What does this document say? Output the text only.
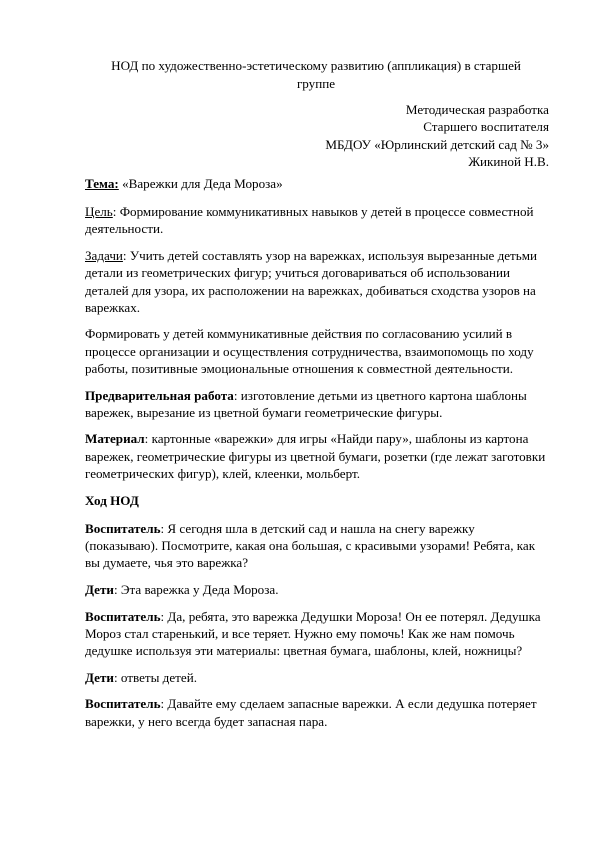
НОД по художественно-эстетическому развитию (аппликация) в старшей группе
Методическая разработка
Старшего воспитателя
МБДОУ «Юрлинский детский сад № 3»
Жикиной Н.В.

Тема: «Варежки для Деда Мороза»

Цель: Формирование коммуникативных навыков у детей в процессе совместной деятельности.

Задачи: Учить детей составлять узор на варежках, используя вырезанные детьми детали из геометрических фигур; учиться договариваться об использовании деталей для узора, их расположении на варежках, добиваться сходства узоров на варежках.

Формировать у детей коммуникативные действия по согласованию усилий в процессе организации и осуществления сотрудничества, взаимопомощь по ходу работы, позитивные эмоциональные отношения к совместной деятельности.

Предварительная работа: изготовление детьми из цветного картона шаблоны варежек, вырезание из цветной бумаги геометрические фигуры.

Материал: картонные «варежки» для игры «Найди пару», шаблоны из картона варежек, геометрические фигуры из цветной бумаги, розетки (где лежат заготовки геометрических фигур), клей, клеенки, мольберт.

Ход НОД

Воспитатель: Я сегодня шла в детский сад и нашла на снегу варежку (показываю). Посмотрите, какая она большая, с красивыми узорами! Ребята, как вы думаете, чья это варежка?

Дети: Эта варежка у Деда Мороза.

Воспитатель: Да, ребята, это варежка Дедушки Мороза! Он ее потерял. Дедушка Мороз стал старенький, и все теряет. Нужно ему помочь! Как же нам помочь дедушке используя эти материалы: цветная бумага, шаблоны, клей, ножницы?

Дети: ответы детей.

Воспитатель: Давайте ему сделаем запасные варежки. А если дедушка потеряет варежки, у него всегда будет запасная пара.
